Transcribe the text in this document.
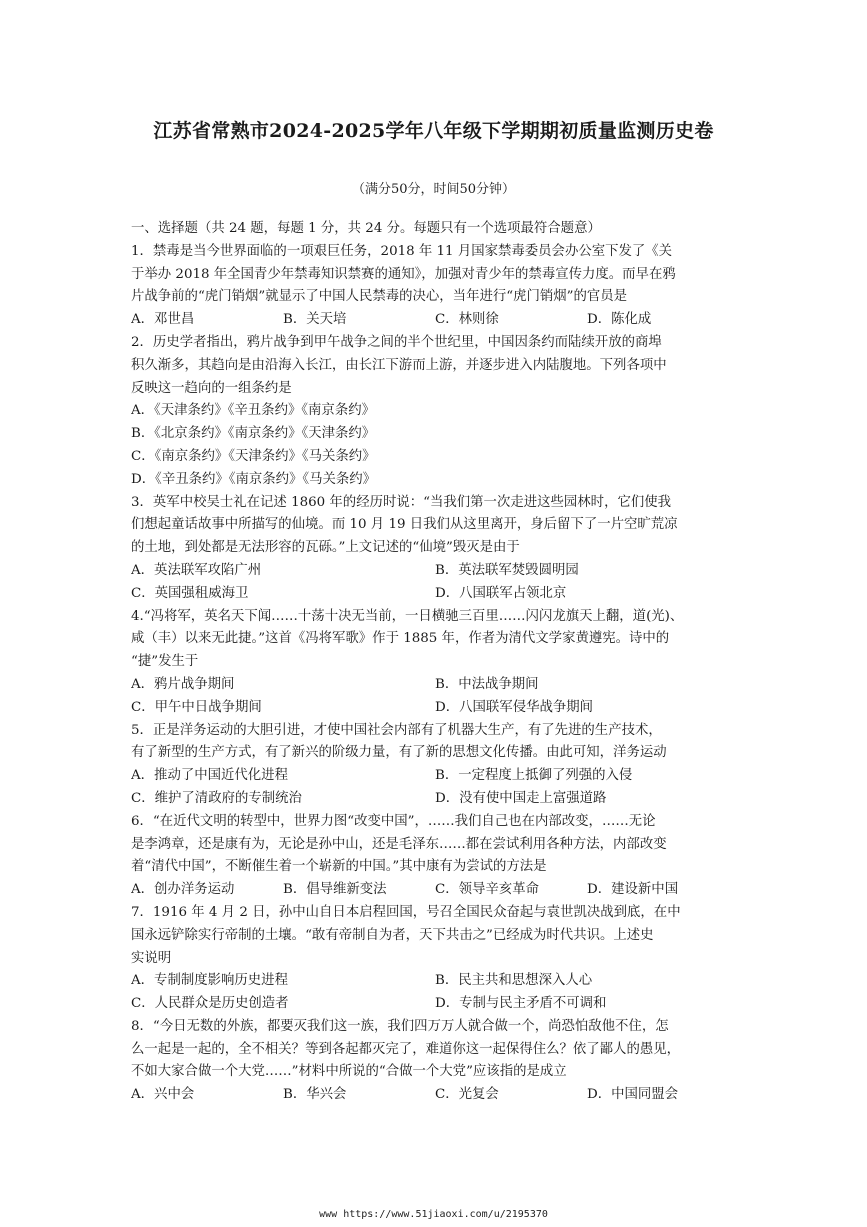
江苏省常熟市2024-2025学年八年级下学期期初质量监测历史卷
（满分50分，时间50分钟）
一、选择题（共 24 题，每题 1 分，共 24 分。每题只有一个选项最符合题意）
1．禁毒是当今世界面临的一项艰巨任务，2018 年 11 月国家禁毒委员会办公室下发了《关
于举办 2018 年全国青少年禁毒知识禁赛的通知》，加强对青少年的禁毒宣传力度。而早在鸦
片战争前的“虎门销烟”就显示了中国人民禁毒的决心，当年进行“虎门销烟”的官员是
A．邓世昌	B．关天培	C．林则徐	D．陈化成
2．历史学者指出，鸦片战争到甲午战争之间的半个世纪里，中国因条约而陆续开放的商埠
积久渐多，其趋向是由沿海入长江，由长江下游而上游，并逐步进入内陆腹地。下列各项中
反映这一趋向的一组条约是
A．《天津条约》《辛丑条约》《南京条约》
B．《北京条约》《南京条约》《天津条约》
C．《南京条约》《天津条约》《马关条约》
D．《辛丑条约》《南京条约》《马关条约》
3．英军中校吴士礼在记述 1860 年的经历时说：“当我们第一次走进这些园林时，它们使我
们想起童话故事中所描写的仙境。而 10 月 19 日我们从这里离开，身后留下了一片空旷荒凉
的土地，到处都是无法形容的瓦砾。”上文记述的“仙境”毁灭是由于
A．英法联军攻陷广州	B．英法联军焚毁圆明园
C．英国强租威海卫	D．八国联军占领北京
4.“冯将军，英名天下闻……十荡十决无当前，一日横驰三百里……闪闪龙旗天上翻，道(光)、
咸（丰）以来无此捷。”这首《冯将军歌》作于 1885 年，作者为清代文学家黄遵宪。诗中的
“捷”发生于
A．鸦片战争期间	B．中法战争期间
C．甲午中日战争期间	D．八国联军侵华战争期间
5．正是洋务运动的大胆引进，才使中国社会内部有了机器大生产，有了先进的生产技术，
有了新型的生产方式，有了新兴的阶级力量，有了新的思想文化传播。由此可知，洋务运动
A．推动了中国近代化进程	B．一定程度上抵御了列强的入侵
C．维护了清政府的专制统治	D．没有使中国走上富强道路
6．“在近代文明的转型中，世界力图“改变中国”，……我们自己也在内部改变，……无论
是李鸿章，还是康有为，无论是孙中山，还是毛泽东……都在尝试利用各种方法，内部改变
着“清代中国”，不断催生着一个崭新的中国。”其中康有为尝试的方法是
A．创办洋务运动	B．倡导维新变法	C．领导辛亥革命	D．建设新中国
7．1916 年 4 月 2 日，孙中山自日本启程回国，号召全国民众奋起与袁世凯决战到底，在中
国永远铲除实行帝制的土壤。“敢有帝制自为者，天下共击之”已经成为时代共识。上述史
实说明
A．专制制度影响历史进程	B．民主共和思想深入人心
C．人民群众是历史创造者	D．专制与民主矛盾不可调和
8．“今日无数的外族，都要灭我们这一族，我们四万万人就合做一个，尚恐怕敌他不住，怎
么一起是一起的，全不相关？等到各起都灭完了，难道你这一起保得住么？依了鄙人的愚见，
不如大家合做一个大党……”材料中所说的“合做一个大党”应该指的是成立
A．兴中会	B．华兴会	C．光复会	D．中国同盟会
www https://www.51jiaoxi.com/u/2195370
